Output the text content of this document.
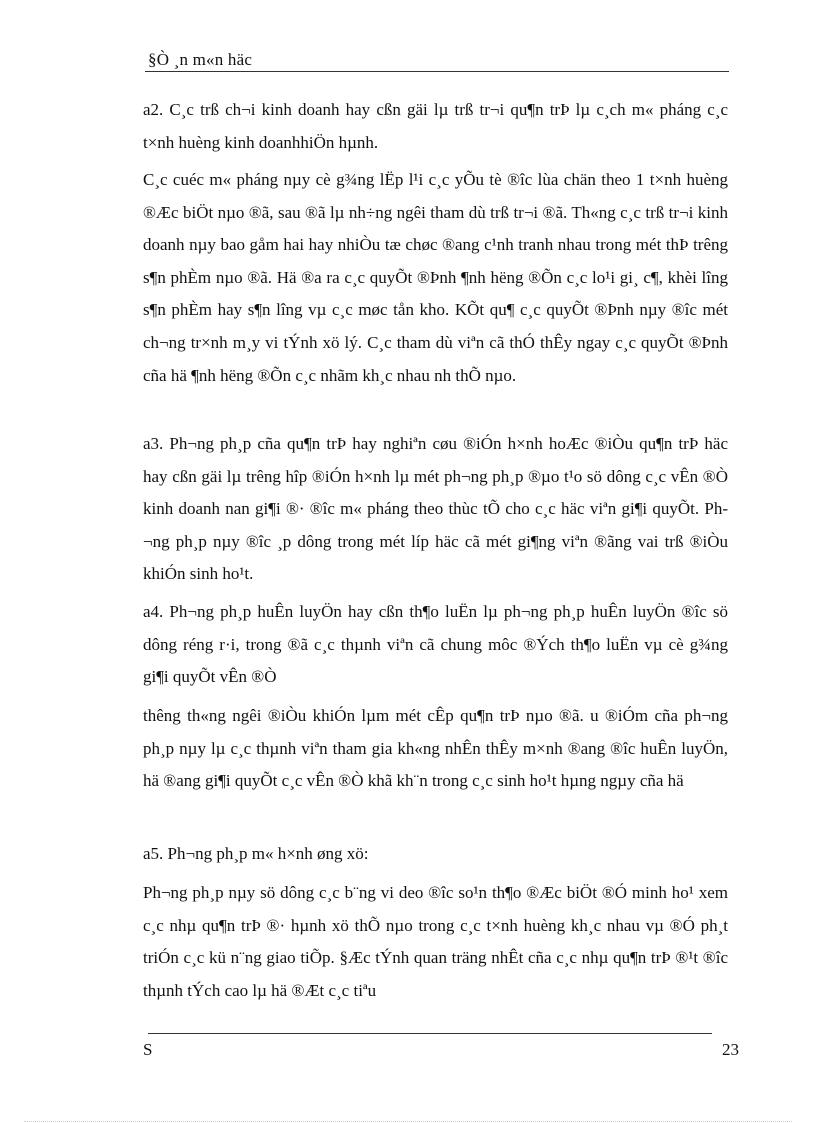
§Ò ¸n m«n häc

a2. C¸c trß ch¬i kinh doanh hay cßn gäi lµ trß tr¬i qu¶n trÞ lµ c¸ch m« pháng c¸c t×nh huèng kinh doanhhiÖn hµnh.

C¸c cuéc m« pháng nµy cè g¾ng lËp l¹i c¸c yÕu tè ®îc lùa chän theo 1 t×nh huèng ®Æc biÖt nµo ®ã, sau ®ã lµ nh÷ng ngêi tham dù trß tr¬i ®ã. Th«ng c¸c trß tr¬i kinh doanh nµy bao gåm hai hay nhiÒu tæ chøc ®ang c¹nh tranh nhau trong mét thÞ trêng s¶n phÈm nµo ®ã. Hä ®a ra c¸c quyÕt ®Þnh ¶nh hëng ®Õn c¸c lo¹i gi¸ c¶, khèi lîng s¶n phÈm hay s¶n lîng vµ c¸c møc tån kho. KÕt qu¶ c¸c quyÕt ®Þnh nµy ®îc mét ch¬ng tr×nh m¸y vi tÝnh xö lý. C¸c tham dù viªn cã thÓ thÊy ngay c¸c quyÕt ®Þnh cña hä ¶nh hëng ®Õn c¸c nhãm kh¸c nhau nh thÕ nµo.

a3. Ph¬ng ph¸p cña qu¶n trÞ hay nghiªn cøu ®iÓn h×nh hoÆc ®iÒu qu¶n trÞ häc hay cßn gäi lµ trêng hîp ®iÓn h×nh lµ mét ph¬ng ph¸p ®µo t¹o sö dông c¸c vÊn ®Ò kinh doanh nan gi¶i ®· ®îc m« pháng theo thùc tÕ cho c¸c häc viªn gi¶i quyÕt. Ph¬ng ph¸p nµy ®îc ¸p dông trong mét líp häc cã mét gi¶ng viªn ®ãng vai trß ®iÒu khiÓn sinh ho¹t.

a4. Ph¬ng ph¸p huÊn luyÖn hay cßn th¶o luËn lµ ph¬ng ph¸p huÊn luyÖn ®îc sö dông réng r·i, trong ®ã c¸c thµnh viªn cã chung môc ®Ých th¶o luËn vµ cè g¾ng gi¶i quyÕt vÊn ®Ò

thêng th«ng ngêi ®iÒu khiÓn lµm mét cÊp qu¶n trÞ nµo ®ã. u ®iÓm cña ph¬ng ph¸p nµy lµ c¸c thµnh viªn tham gia kh«ng nhÊn thÊy m×nh ®ang ®îc huÊn luyÖn, hä ®ang gi¶i quyÕt c¸c vÊn ®Ò khã kh¨n trong c¸c sinh ho¹t hµng ngµy cña hä

a5. Ph¬ng ph¸p m« h×nh øng xö:

Ph¬ng ph¸p nµy sö dông c¸c b¨ng vi deo ®îc so¹n th¶o ®Æc biÖt ®Ó minh ho¹ xem c¸c nhµ qu¶n trÞ ®· hµnh xö thÕ nµo trong c¸c t×nh huèng kh¸c nhau vµ ®Ó ph¸t triÓn c¸c kü n¨ng giao tiÕp. §Æc tÝnh quan träng nhÊt cña c¸c nhµ qu¶n trÞ ®¹t ®îc thµnh tÝch cao lµ hä ®Æt c¸c tiªu

S	23
